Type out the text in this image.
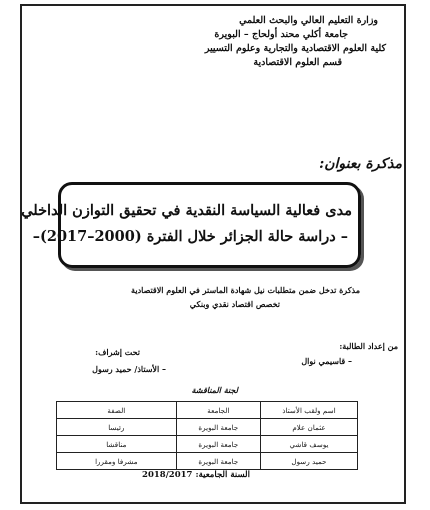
وزارة التعليم العالي والبحث العلمي
جامعة أكلي محند أولحاج – البويرة
كلية العلوم الاقتصادية والتجارية وعلوم التسيير
قسم العلوم الاقتصادية
مذكرة بعنوان:
مدى فعالية السياسة النقدية في تحقيق التوازن الداخلي
– دراسة حالة الجزائر خلال الفترة (2000–2017)–
مذكرة تدخل ضمن متطلبات نيل شهادة الماستر في العلوم الاقتصادية
تخصص اقتصاد نقدي وبنكي
من إعداد الطالبة:
– قاسيمي نوال
تحت إشراف:
– الأستاذ/ حميد رسول
لجنة المناقشة
اسم ولقب الأستاذ	الجامعة	الصفة
عثمان علام	جامعة البويرة	رئيسا
يوسف قاشي	جامعة البويرة	مناقشا
حميد رسول	جامعة البويرة	مشرفا ومقررا
السنة الجامعية: 2018/2017
